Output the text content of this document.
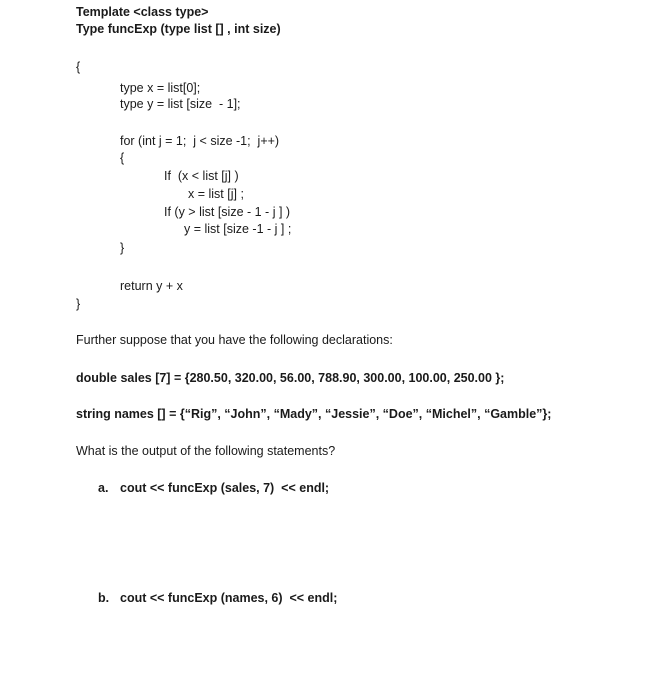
Template <class type>
Type funcExp (type list [] , int size)
{
type x = list[0];
type y = list [size  - 1];
for (int j = 1;  j < size -1;  j++)
{
If  (x < list [j] )
x = list [j] ;
If (y > list [size - 1 - j ] )
y = list [size -1 - j ] ;
}
return y + x
}
Further suppose that you have the following declarations:
double sales [7] = {280.50, 320.00, 56.00, 788.90, 300.00, 100.00, 250.00 };
string names [] = {“Rig”, “John”, “Mady”, “Jessie”, “Doe”, “Michel”, “Gamble”};
What is the output of the following statements?
a. cout << funcExp (sales, 7)  << endl;
b. cout << funcExp (names, 6)  << endl;
